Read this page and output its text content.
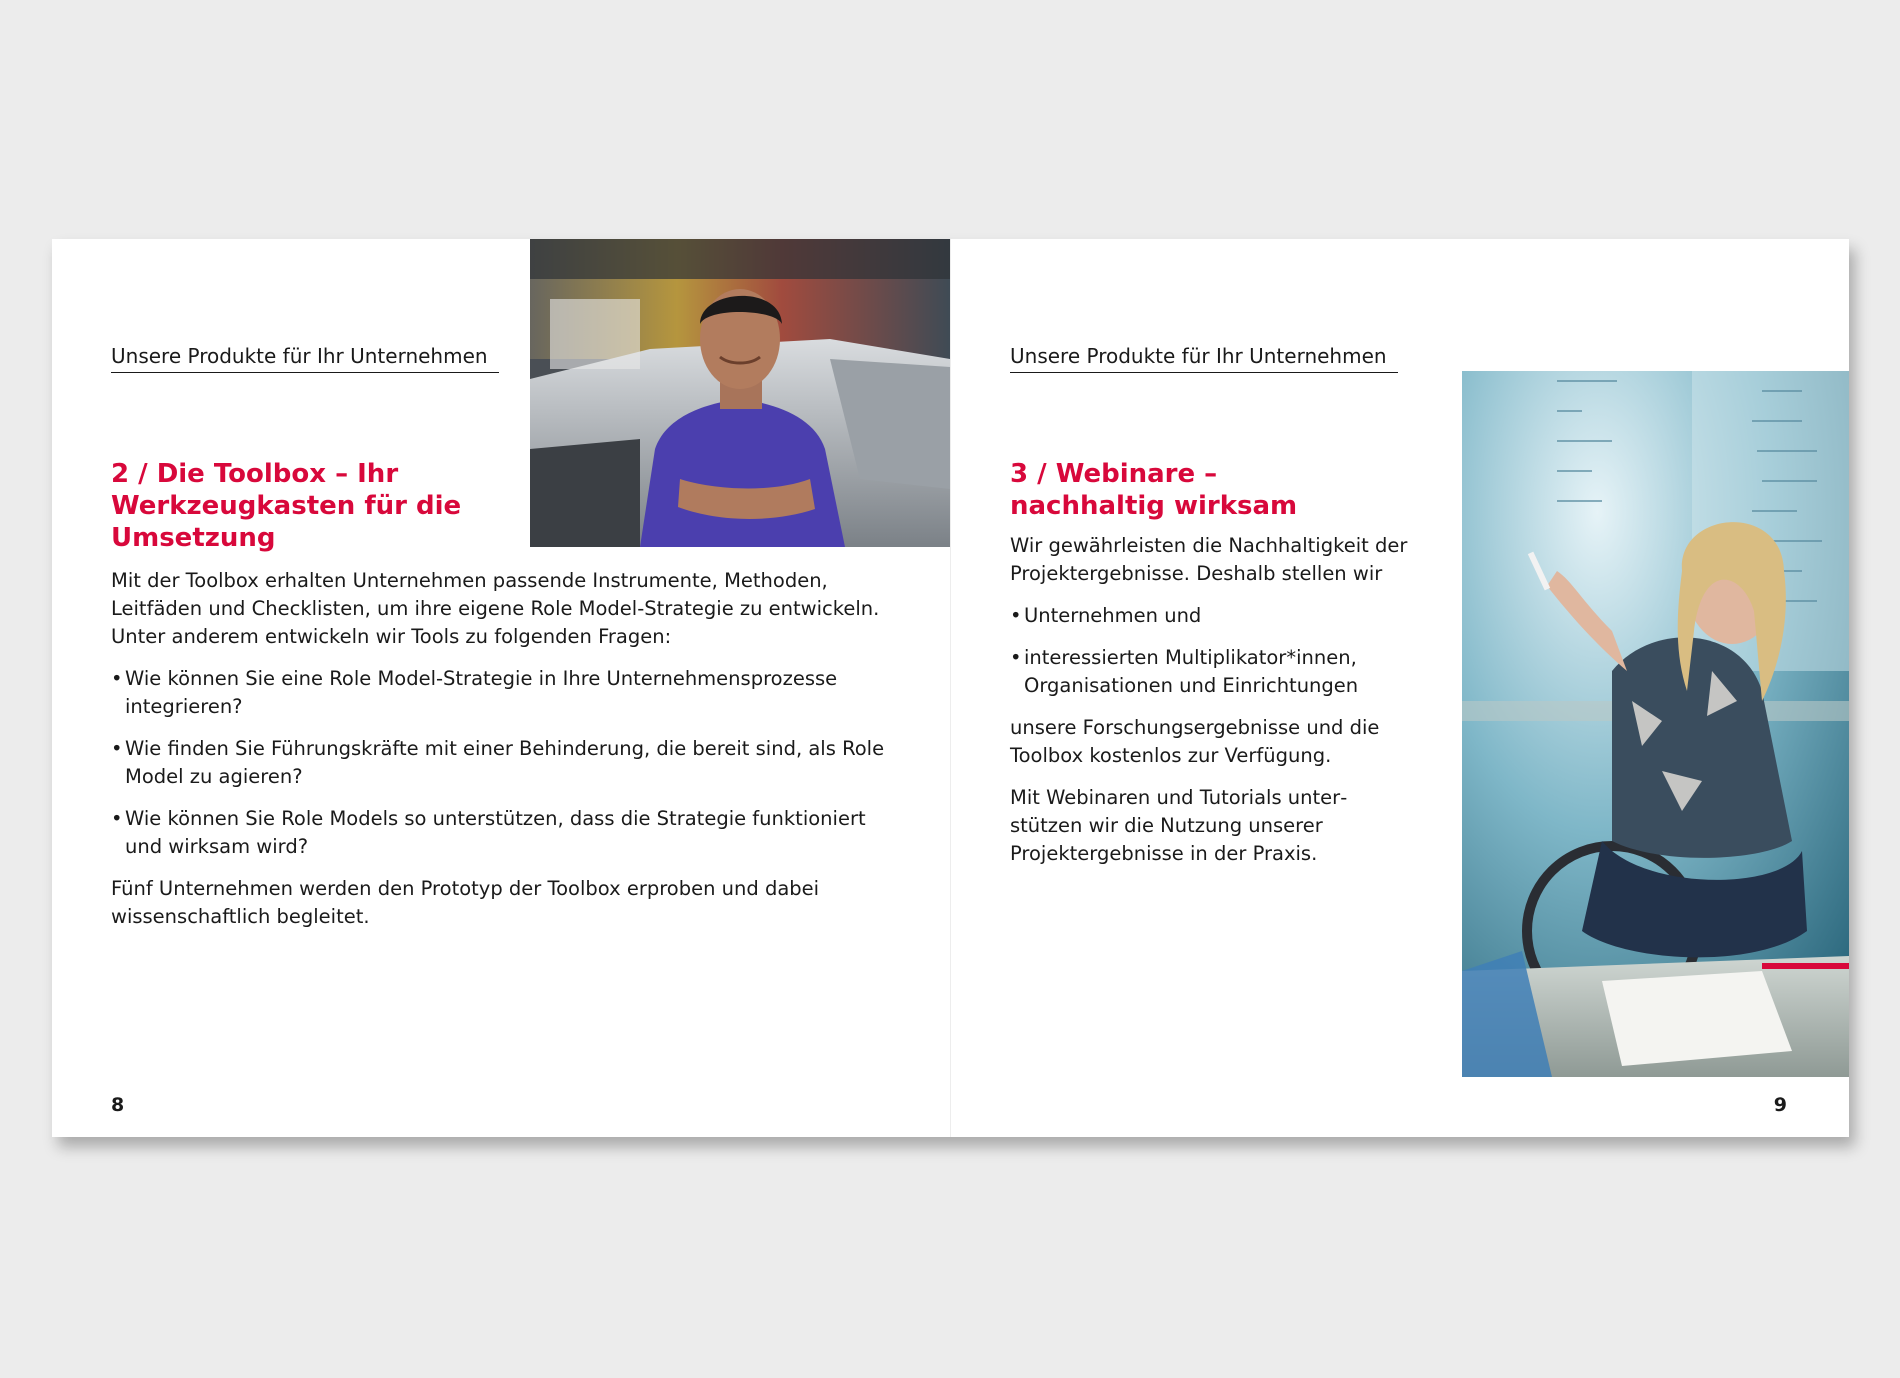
Unsere Produkte für Ihr Unternehmen
2 / Die Toolbox – Ihr Werkzeugkasten für die Umsetzung

Mit der Toolbox erhalten Unternehmen passende Instrumente, Methoden, Leitfäden und Checklisten, um ihre eigene Role Model-Strategie zu entwickeln. Unter anderem entwickeln wir Tools zu folgenden Fragen:

• Wie können Sie eine Role Model-Strategie in Ihre Unternehmensprozesse integrieren?
• Wie finden Sie Führungskräfte mit einer Behinderung, die bereit sind, als Role Model zu agieren?
• Wie können Sie Role Models so unterstützen, dass die Strategie funktioniert und wirksam wird?

Fünf Unternehmen werden den Prototyp der Toolbox erproben und dabei wissenschaftlich begleitet.

8
Unsere Produkte für Ihr Unternehmen
3 / Webinare – nachhaltig wirksam

Wir gewährleisten die Nachhaltigkeit der Projektergebnisse. Deshalb stellen wir

• Unternehmen und
• interessierten Multiplikator*innen, Organisationen und Einrichtungen

unsere Forschungsergebnisse und die Toolbox kostenlos zur Verfügung.

Mit Webinaren und Tutorials unterstützen wir die Nutzung unserer Projektergebnisse in der Praxis.

9
